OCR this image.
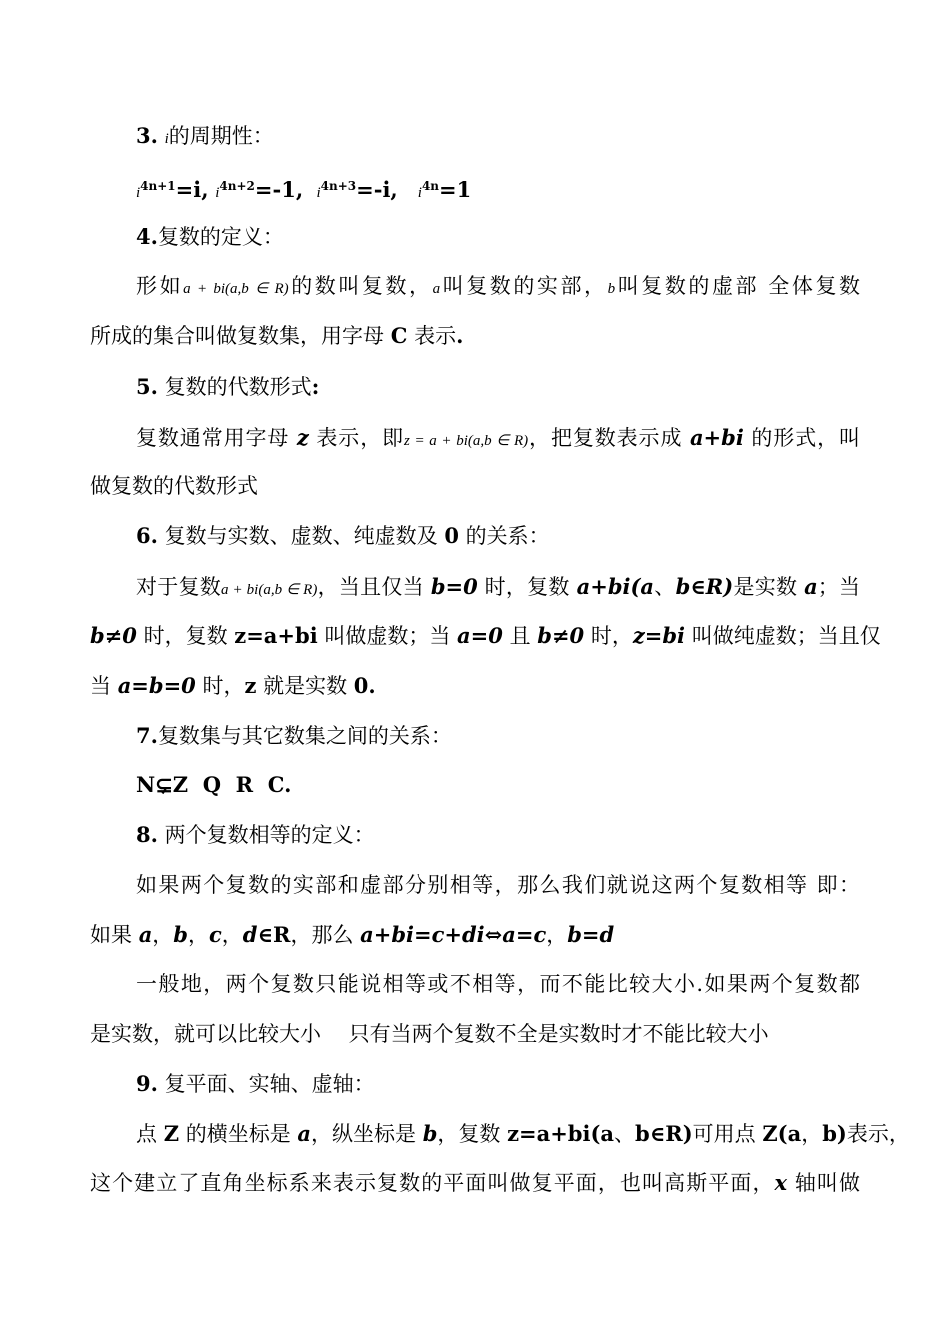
3. i的周期性：
$i^{4n+1}=i$, $i^{4n+2}=-1$, $i^{4n+3}=-i$, $i^{4n}=1$
4.复数的定义：
形如a + bi(a,b ∈ R)的数叫复数，a叫复数的实部，b叫复数的虚部 全体复数
所成的集合叫做复数集，用字母 C 表示.
5. 复数的代数形式:
复数通常用字母 z 表示，即z = a + bi(a,b ∈ R)，把复数表示成 a+bi 的形式，叫
做复数的代数形式
6. 复数与实数、虚数、纯虚数及 0 的关系：
对于复数a + bi(a,b ∈ R)，当且仅当 b=0 时，复数 a+bi(a、b∈R)是实数 a；当
b≠0 时，复数 z=a+bi 叫做虚数；当 a=0 且 b≠0 时，z=bi 叫做纯虚数；当且仅
当 a=b=0 时，z 就是实数 0.
7.复数集与其它数集之间的关系：
N⊊Z  Q  R  C.
8. 两个复数相等的定义：
如果两个复数的实部和虚部分别相等，那么我们就说这两个复数相等 即：
如果 a，b，c，d∈R，那么 a+bi=c+di⇔a=c，b=d
一般地，两个复数只能说相等或不相等，而不能比较大小.如果两个复数都
是实数，就可以比较大小　 只有当两个复数不全是实数时才不能比较大小
9. 复平面、实轴、虚轴：
点 Z 的横坐标是 a，纵坐标是 b，复数 z=a+bi(a、b∈R)可用点 Z(a，b)表示，
这个建立了直角坐标系来表示复数的平面叫做复平面，也叫高斯平面，x 轴叫做
